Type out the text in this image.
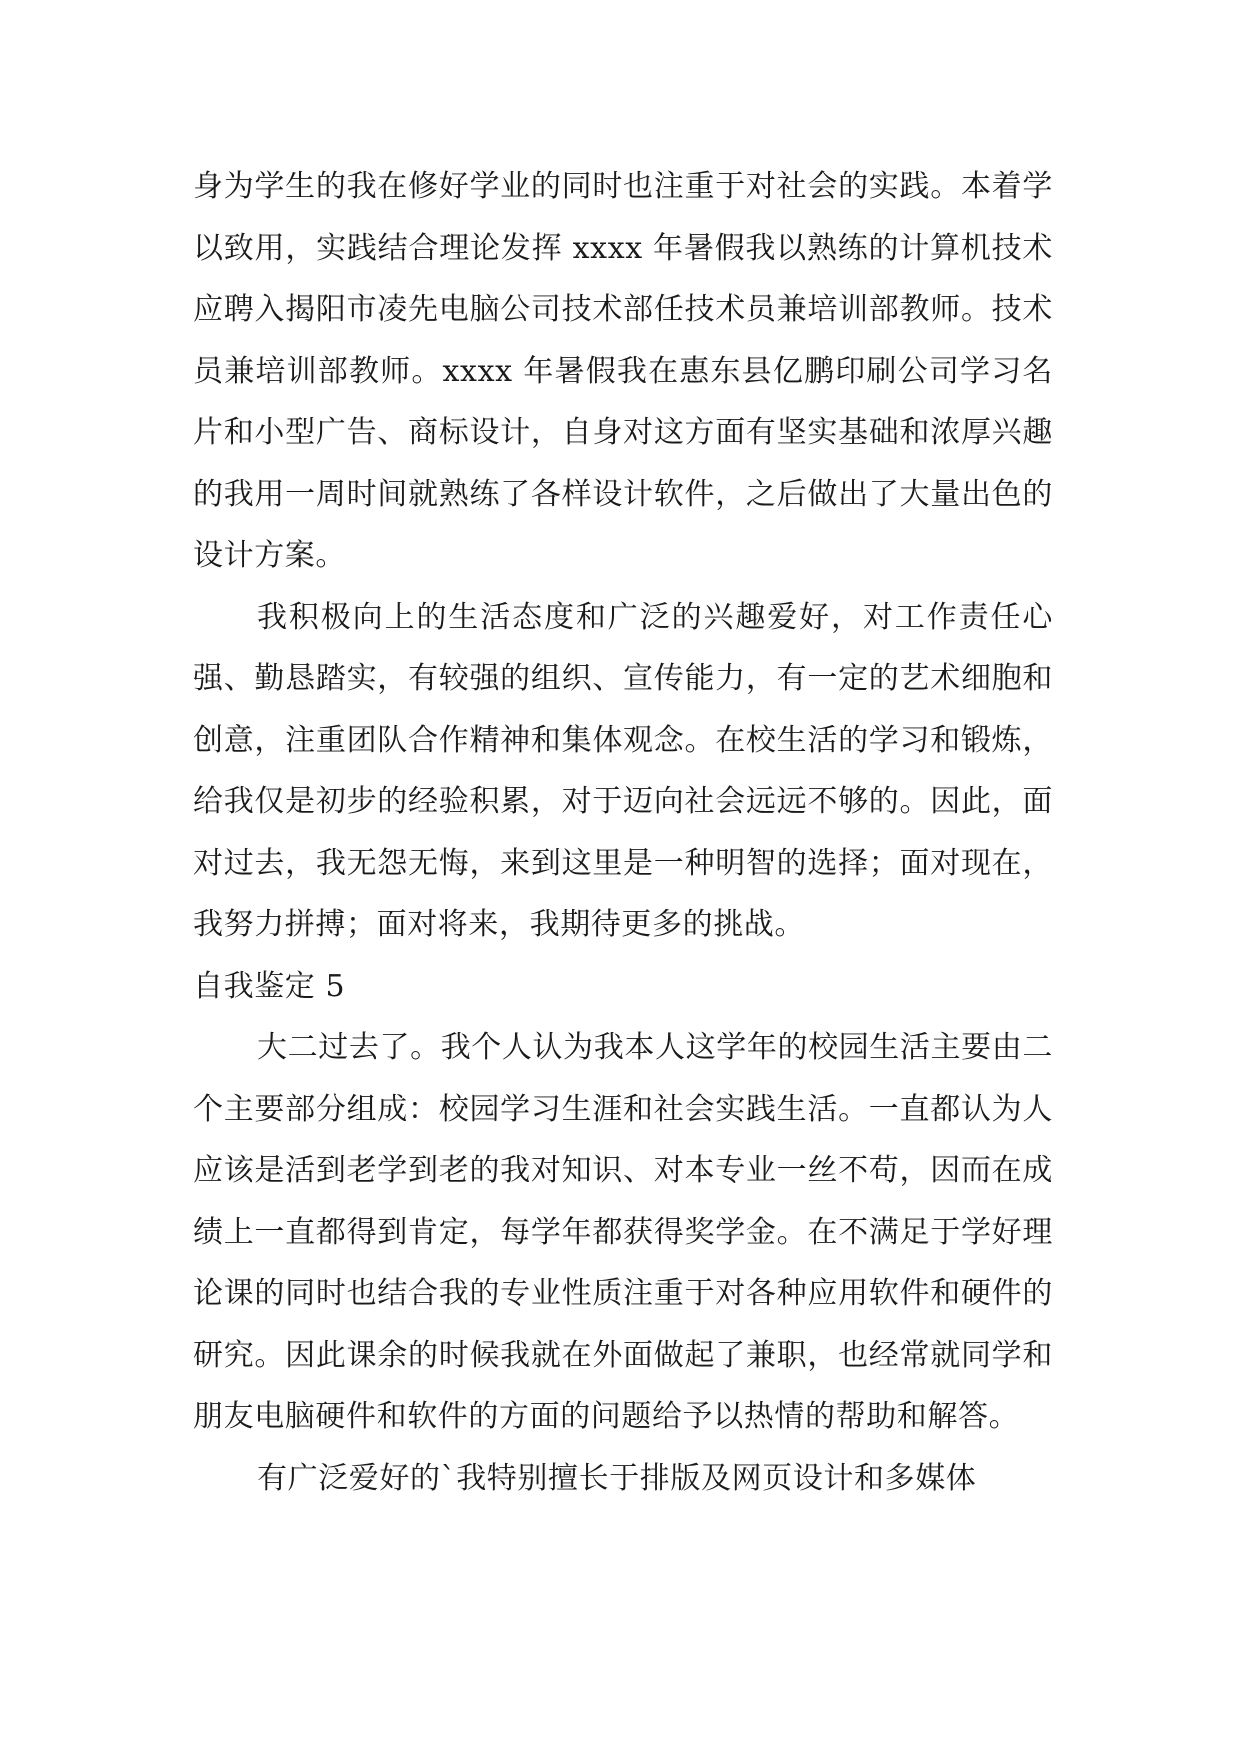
身为学生的我在修好学业的同时也注重于对社会的实践。本着学以致用，实践结合理论发挥 xxxx 年暑假我以熟练的计算机技术应聘入揭阳市凌先电脑公司技术部任技术员兼培训部教师。技术员兼培训部教师。xxxx 年暑假我在惠东县亿鹏印刷公司学习名片和小型广告、商标设计，自身对这方面有坚实基础和浓厚兴趣的我用一周时间就熟练了各样设计软件，之后做出了大量出色的设计方案。

我积极向上的生活态度和广泛的兴趣爱好，对工作责任心强、勤恳踏实，有较强的组织、宣传能力，有一定的艺术细胞和创意，注重团队合作精神和集体观念。在校生活的学习和锻炼，给我仅是初步的经验积累，对于迈向社会远远不够的。因此，面对过去，我无怨无悔，来到这里是一种明智的选择；面对现在，我努力拼搏；面对将来，我期待更多的挑战。

自我鉴定 5

大二过去了。我个人认为我本人这学年的校园生活主要由二个主要部分组成：校园学习生涯和社会实践生活。一直都认为人应该是活到老学到老的我对知识、对本专业一丝不苟，因而在成绩上一直都得到肯定，每学年都获得奖学金。在不满足于学好理论课的同时也结合我的专业性质注重于对各种应用软件和硬件的研究。因此课余的时候我就在外面做起了兼职，也经常就同学和朋友电脑硬件和软件的方面的问题给予以热情的帮助和解答。

有广泛爱好的`我特别擅长于排版及网页设计和多媒体
